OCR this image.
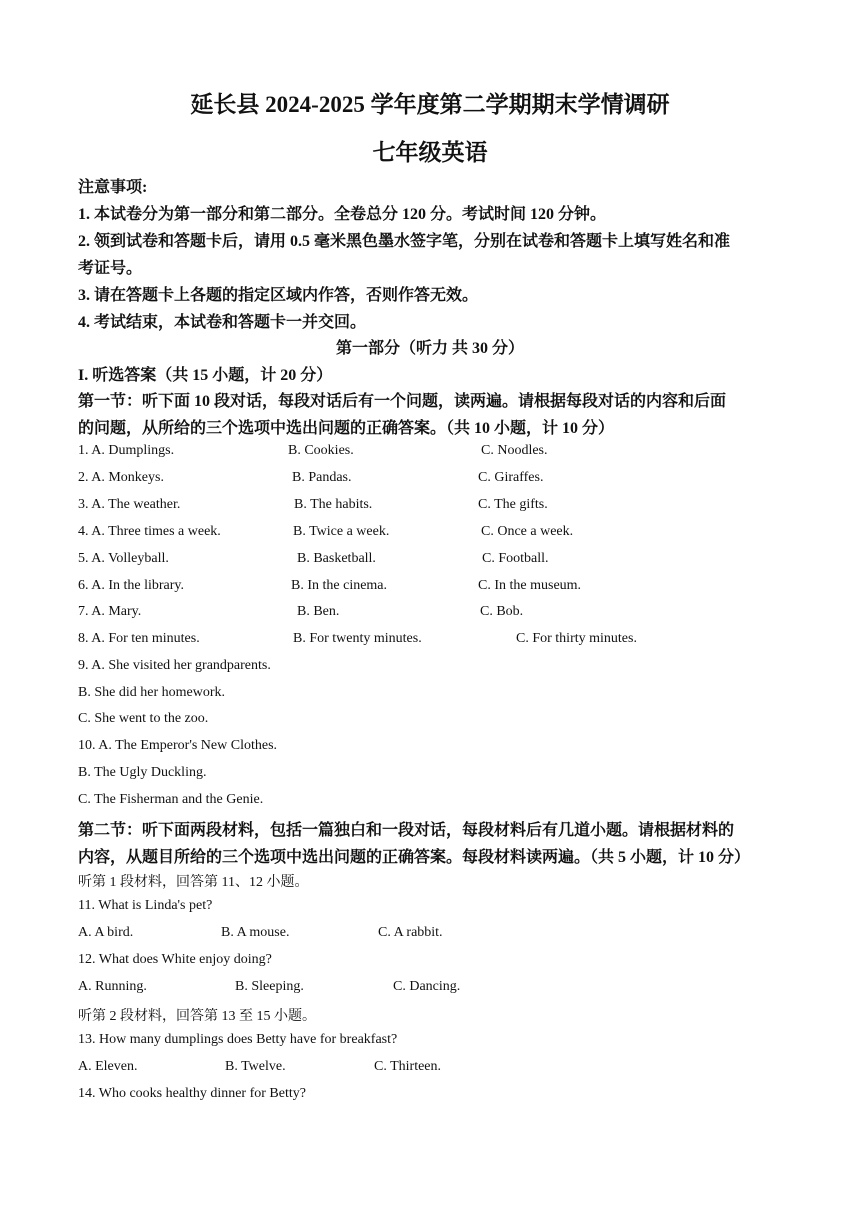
延长县 2024-2025 学年度第二学期期末学情调研
七年级英语
注意事项:
1. 本试卷分为第一部分和第二部分。全卷总分 120 分。考试时间 120 分钟。
2. 领到试卷和答题卡后，请用 0.5 毫米黑色墨水签字笔，分别在试卷和答题卡上填写姓名和准
考证号。
3. 请在答题卡上各题的指定区域内作答，否则作答无效。
4. 考试结束，本试卷和答题卡一并交回。
第一部分（听力 共 30 分）
I. 听选答案（共 15 小题，计 20 分）
第一节：听下面 10 段对话，每段对话后有一个问题，读两遍。请根据每段对话的内容和后面
的问题，从所给的三个选项中选出问题的正确答案。（共 10 小题，计 10 分）
1. A. Dumplings.	B. Cookies.	C. Noodles.
2. A. Monkeys.	B. Pandas.	C. Giraffes.
3. A. The weather.	B. The habits.	C. The gifts.
4. A. Three times a week.	B. Twice a week.	C. Once a week.
5. A. Volleyball.	B. Basketball.	C. Football.
6. A. In the library.	B. In the cinema.	C. In the museum.
7. A. Mary.	B. Ben.	C. Bob.
8. A. For ten minutes.	B. For twenty minutes.	C. For thirty minutes.
9. A. She visited her grandparents.
B. She did her homework.
C. She went to the zoo.
10. A. The Emperor's New Clothes.
B. The Ugly Duckling.
C. The Fisherman and the Genie.
第二节：听下面两段材料，包括一篇独白和一段对话，每段材料后有几道小题。请根据材料的
内容，从题目所给的三个选项中选出问题的正确答案。每段材料读两遍。（共 5 小题，计 10 分）
听第 1 段材料，回答第 11、12 小题。
11. What is Linda's pet?
A. A bird.	B. A mouse.	C. A rabbit.
12. What does White enjoy doing?
A. Running.	B. Sleeping.	C. Dancing.
听第 2 段材料，回答第 13 至 15 小题。
13. How many dumplings does Betty have for breakfast?
A. Eleven.	B. Twelve.	C. Thirteen.
14. Who cooks healthy dinner for Betty?
